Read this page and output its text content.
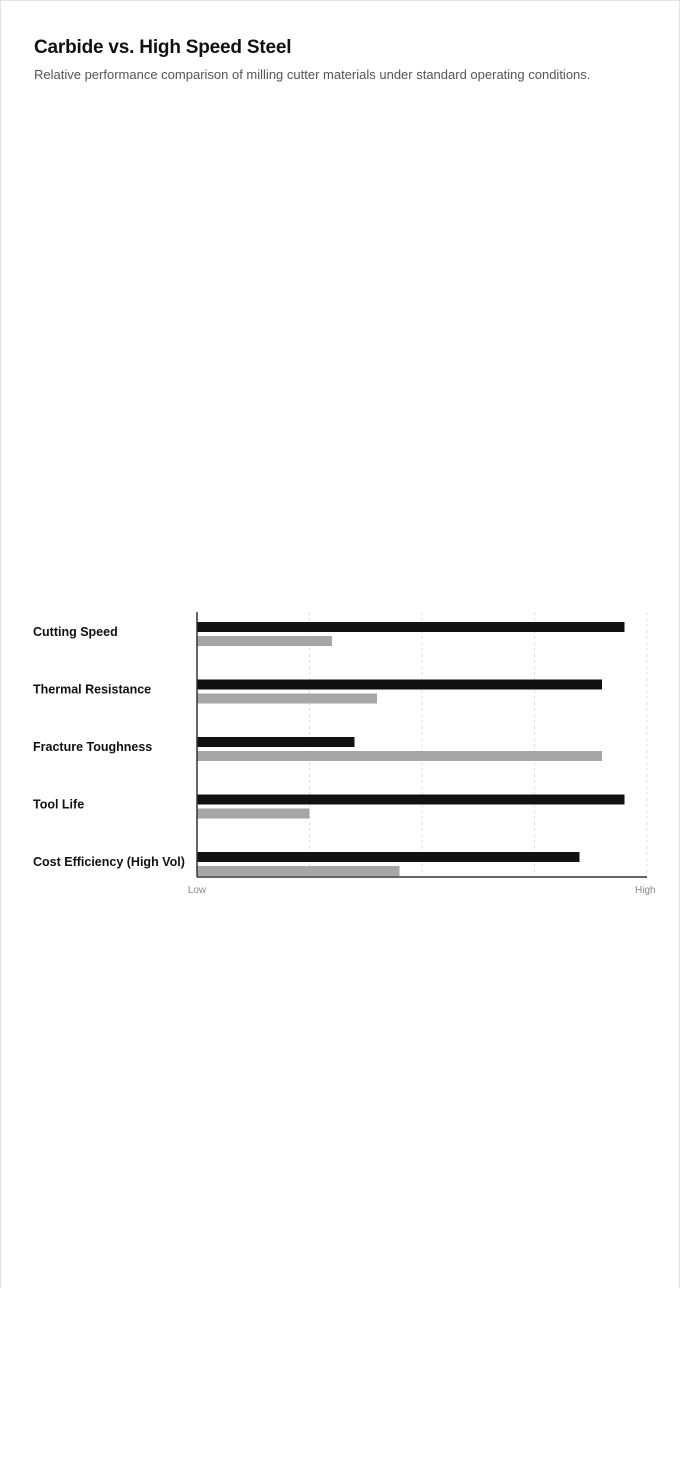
Carbide vs. High Speed Steel

Relative performance comparison of milling cutter materials under standard operating conditions.

Cutting Speed
Thermal Resistance
Fracture Toughness
Tool Life
Cost Efficiency (High Vol)
Low	High
